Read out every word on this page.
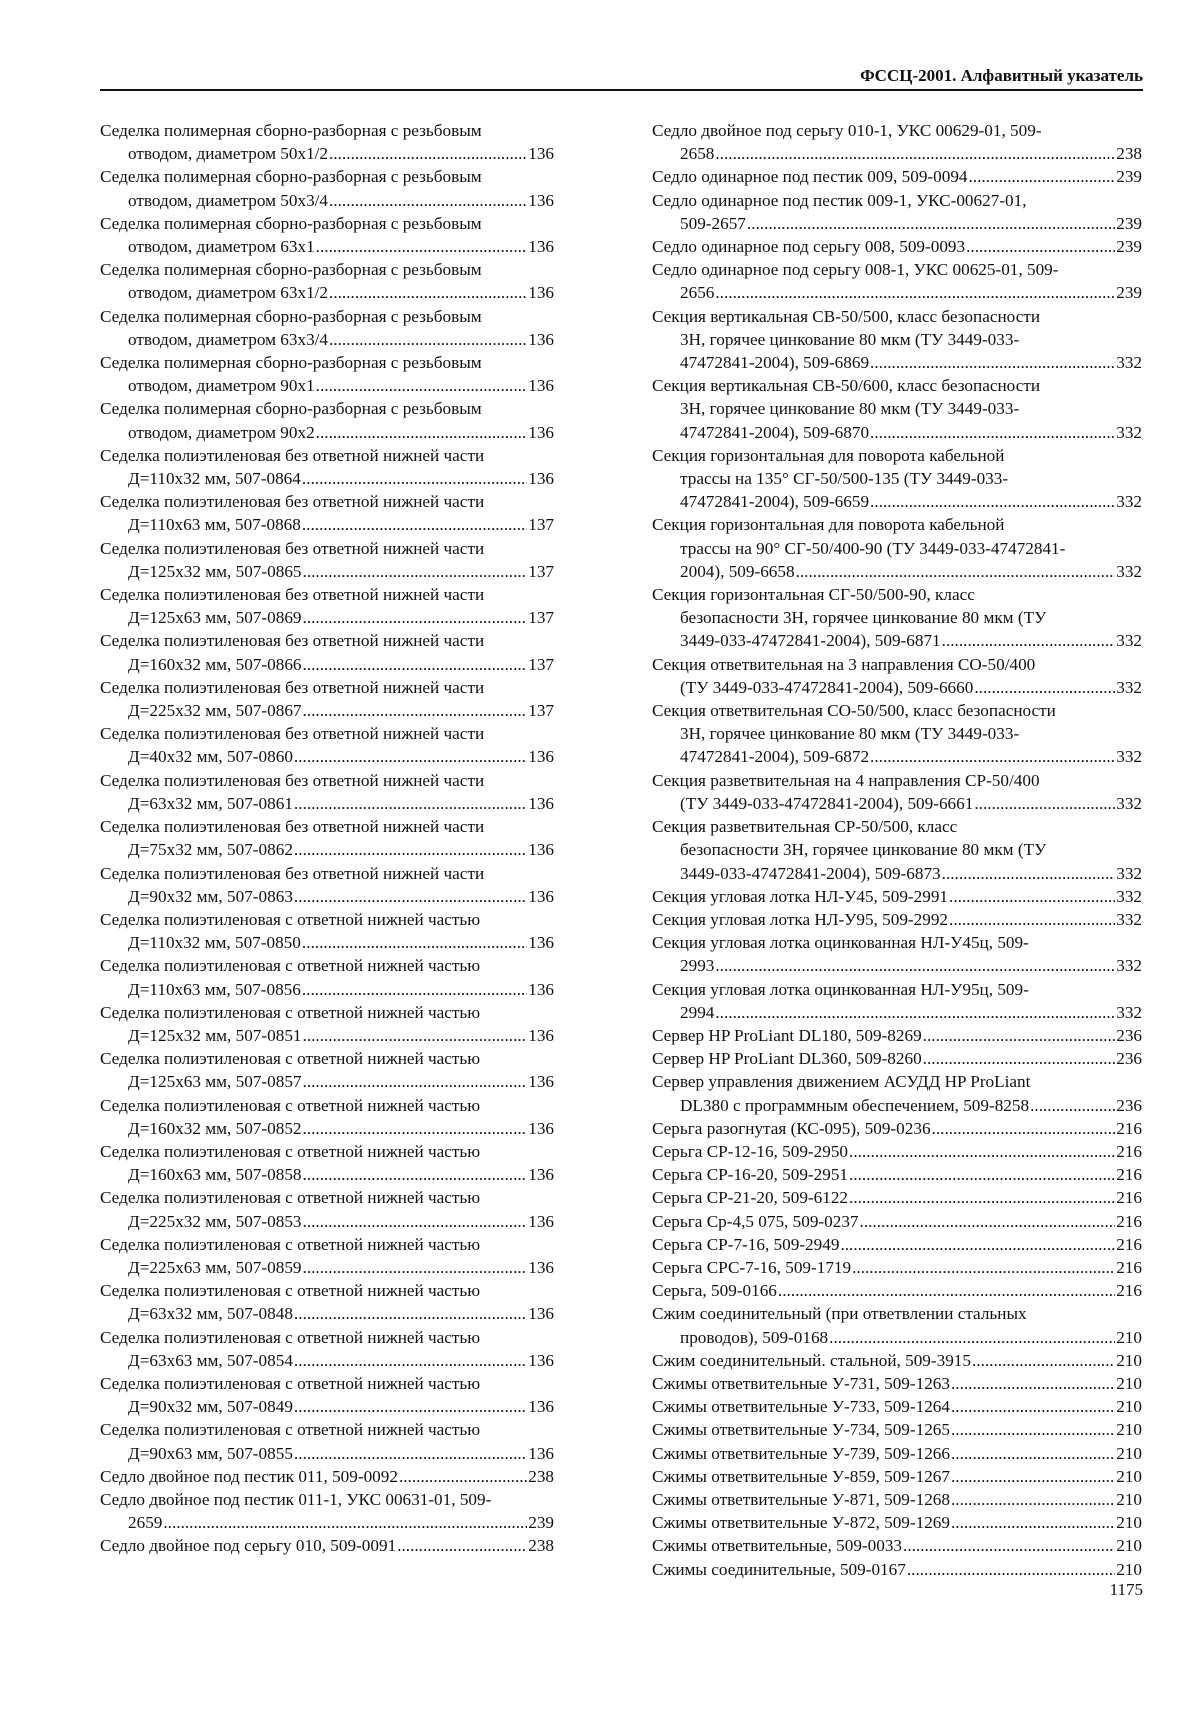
ФССЦ-2001. Алфавитный указатель
Седелка полимерная сборно-разборная с резьбовым
отводом, диаметром 50х1/2 .....	136
Седелка полимерная сборно-разборная с резьбовым
отводом, диаметром 50х3/4 .....	136
Седелка полимерная сборно-разборная с резьбовым
отводом, диаметром 63х1 .....	136
Седелка полимерная сборно-разборная с резьбовым
отводом, диаметром 63х1/2 .....	136
Седелка полимерная сборно-разборная с резьбовым
отводом, диаметром 63х3/4 .....	136
Седелка полимерная сборно-разборная с резьбовым
отводом, диаметром 90х1 .....	136
Седелка полимерная сборно-разборная с резьбовым
отводом, диаметром 90х2 .....	136
Седелка полиэтиленовая без ответной нижней части
Д=110х32 мм, 507-0864 .....	136
Седелка полиэтиленовая без ответной нижней части
Д=110х63 мм, 507-0868 .....	137
Седелка полиэтиленовая без ответной нижней части
Д=125х32 мм, 507-0865 .....	137
Седелка полиэтиленовая без ответной нижней части
Д=125х63 мм, 507-0869 .....	137
Седелка полиэтиленовая без ответной нижней части
Д=160х32 мм, 507-0866 .....	137
Седелка полиэтиленовая без ответной нижней части
Д=225х32 мм, 507-0867 .....	137
Седелка полиэтиленовая без ответной нижней части
Д=40х32 мм, 507-0860 .....	136
Седелка полиэтиленовая без ответной нижней части
Д=63х32 мм, 507-0861 .....	136
Седелка полиэтиленовая без ответной нижней части
Д=75х32 мм, 507-0862 .....	136
Седелка полиэтиленовая без ответной нижней части
Д=90х32 мм, 507-0863 .....	136
Седелка полиэтиленовая с ответной нижней частью
Д=110х32 мм, 507-0850 .....	136
Седелка полиэтиленовая с ответной нижней частью
Д=110х63 мм, 507-0856 .....	136
Седелка полиэтиленовая с ответной нижней частью
Д=125х32 мм, 507-0851 .....	136
Седелка полиэтиленовая с ответной нижней частью
Д=125х63 мм, 507-0857 .....	136
Седелка полиэтиленовая с ответной нижней частью
Д=160х32 мм, 507-0852 .....	136
Седелка полиэтиленовая с ответной нижней частью
Д=160х63 мм, 507-0858 .....	136
Седелка полиэтиленовая с ответной нижней частью
Д=225х32 мм, 507-0853 .....	136
Седелка полиэтиленовая с ответной нижней частью
Д=225х63 мм, 507-0859 .....	136
Седелка полиэтиленовая с ответной нижней частью
Д=63х32 мм, 507-0848 .....	136
Седелка полиэтиленовая с ответной нижней частью
Д=63х63 мм, 507-0854 .....	136
Седелка полиэтиленовая с ответной нижней частью
Д=90х32 мм, 507-0849 .....	136
Седелка полиэтиленовая с ответной нижней частью
Д=90х63 мм, 507-0855 .....	136
Седло двойное под пестик 011, 509-0092 .....	238
Седло двойное под пестик 011-1, УКС 00631-01, 509-
2659 .....	239
Седло двойное под серьгу 010, 509-0091 .....	238
Седло двойное под серьгу 010-1, УКС 00629-01, 509-
2658 .....	238
Седло одинарное под пестик 009, 509-0094 .....	239
Седло одинарное под пестик 009-1, УКС-00627-01,
509-2657 .....	239
Седло одинарное под серьгу 008, 509-0093 .....	239
Седло одинарное под серьгу 008-1, УКС 00625-01, 509-
2656 .....	239
Секция вертикальная СВ-50/500, класс безопасности
3Н, горячее цинкование 80 мкм (ТУ 3449-033-
47472841-2004), 509-6869 .....	332
Секция вертикальная СВ-50/600, класс безопасности
3Н, горячее цинкование 80 мкм (ТУ 3449-033-
47472841-2004), 509-6870 .....	332
Секция горизонтальная для поворота кабельной
трассы на 135° СГ-50/500-135 (ТУ 3449-033-
47472841-2004), 509-6659 .....	332
Секция горизонтальная для поворота кабельной
трассы на 90° СГ-50/400-90 (ТУ 3449-033-47472841-
2004), 509-6658 .....	332
Секция горизонтальная СГ-50/500-90, класс
безопасности 3Н, горячее цинкование 80 мкм (ТУ
3449-033-47472841-2004), 509-6871 .....	332
Секция ответвительная на 3 направления СО-50/400
(ТУ 3449-033-47472841-2004), 509-6660 .....	332
Секция ответвительная СО-50/500, класс безопасности
3Н, горячее цинкование 80 мкм (ТУ 3449-033-
47472841-2004), 509-6872 .....	332
Секция разветвительная на 4 направления СР-50/400
(ТУ 3449-033-47472841-2004), 509-6661 .....	332
Секция разветвительная СР-50/500, класс
безопасности 3Н, горячее цинкование 80 мкм (ТУ
3449-033-47472841-2004), 509-6873 .....	332
Секция угловая лотка НЛ-У45, 509-2991 .....	332
Секция угловая лотка НЛ-У95, 509-2992 .....	332
Секция угловая лотка оцинкованная НЛ-У45ц, 509-
2993 .....	332
Секция угловая лотка оцинкованная НЛ-У95ц, 509-
2994 .....	332
Сервер HP ProLiant DL180, 509-8269 .....	236
Сервер HP ProLiant DL360, 509-8260 .....	236
Сервер управления движением АСУДД HP ProLiant
DL380 с программным обеспечением, 509-8258 .....	236
Серьга разогнутая (КС-095), 509-0236 .....	216
Серьга СР-12-16, 509-2950 .....	216
Серьга СР-16-20, 509-2951 .....	216
Серьга СР-21-20, 509-6122 .....	216
Серьга Ср-4,5 075, 509-0237 .....	216
Серьга СР-7-16, 509-2949 .....	216
Серьга СРС-7-16, 509-1719 .....	216
Серьга, 509-0166 .....	216
Сжим соединительный (при ответвлении стальных
проводов), 509-0168 .....	210
Сжим соединительный. стальной, 509-3915 .....	210
Сжимы ответвительные У-731, 509-1263 .....	210
Сжимы ответвительные У-733, 509-1264 .....	210
Сжимы ответвительные У-734, 509-1265 .....	210
Сжимы ответвительные У-739, 509-1266 .....	210
Сжимы ответвительные У-859, 509-1267 .....	210
Сжимы ответвительные У-871, 509-1268 .....	210
Сжимы ответвительные У-872, 509-1269 .....	210
Сжимы ответвительные, 509-0033 .....	210
Сжимы соединительные, 509-0167 .....	210
1175
